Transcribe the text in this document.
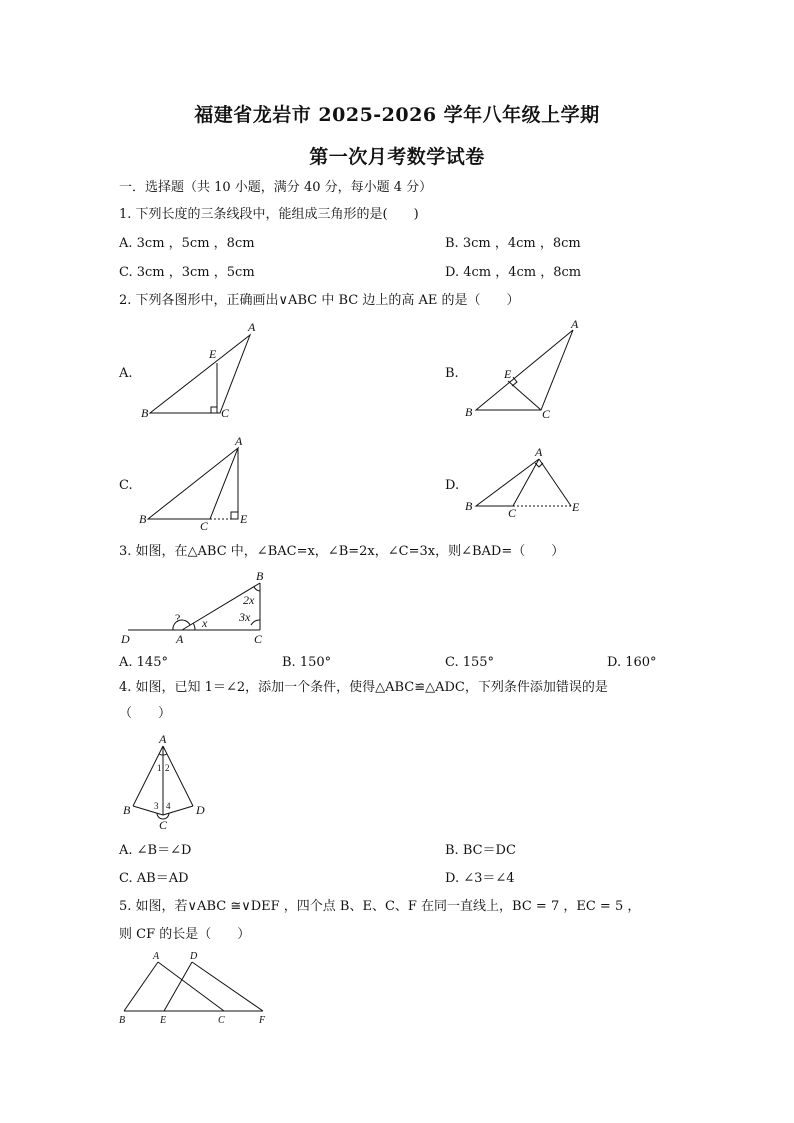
福建省龙岩市 2025-2026 学年八年级上学期
第一次月考数学试卷
一．选择题（共 10 小题，满分 40 分，每小题 4 分）
1. 下列长度的三条线段中，能组成三角形的是(　　)
A. 3cm ，5cm ，8cm	B. 3cm ，4cm ，8cm
C. 3cm ，3cm ，5cm	D. 4cm ，4cm ，8cm
2. 下列各图形中，正确画出∨ABC 中 BC 边上的高 AE 的是（　　）
A.	B.
C.	D.
A
E
B	C
A
E
B	C
A
B	C	E
A
B	C	E
3. 如图，在△ABC 中，∠BAC=x，∠B=2x，∠C=3x，则∠BAD=（　　）
B
D	A	C
? x
2x
3x
A. 145°	B. 150°	C. 155°	D. 160°
4. 如图，已知 1＝∠2，添加一个条件，使得△ABC≌△ADC，下列条件添加错误的是
（　　）
A
B
C
D
1 2
3 4
A. ∠B＝∠D	B. BC＝DC
C. AB＝AD	D. ∠3＝∠4
5. 如图，若∨ABC ≅∨DEF ，四个点 B、E、C、F 在同一直线上，BC = 7 ，EC = 5 ，
则 CF 的长是（　　）
A	D
B	E	C	F
